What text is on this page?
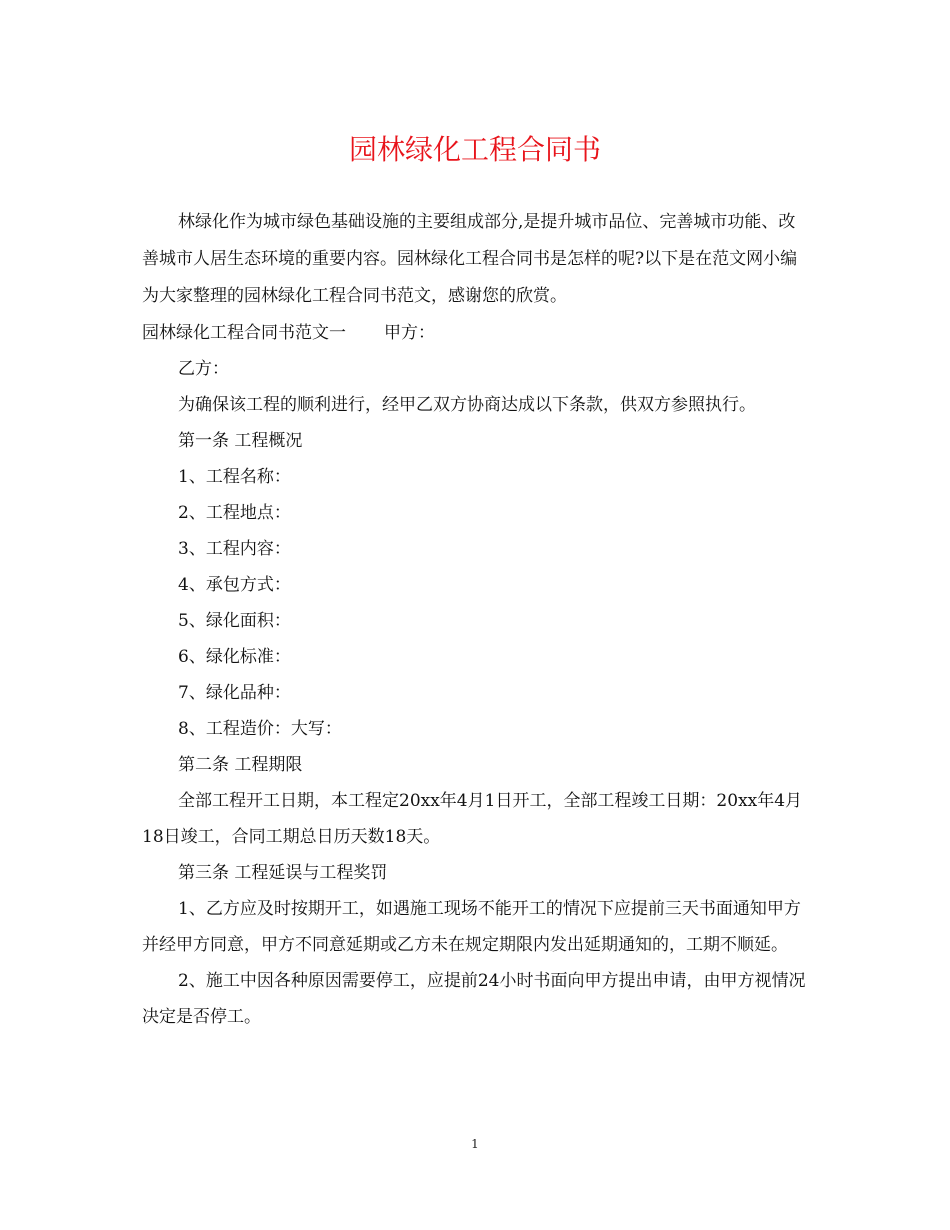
园林绿化工程合同书

林绿化作为城市绿色基础设施的主要组成部分,是提升城市品位、完善城市功能、改善城市人居生态环境的重要内容。园林绿化工程合同书是怎样的呢?以下是在范文网小编为大家整理的园林绿化工程合同书范文，感谢您的欣赏。

园林绿化工程合同书范文一 甲方：

乙方：

为确保该工程的顺利进行，经甲乙双方协商达成以下条款，供双方参照执行。

第一条 工程概况

1、工程名称：

2、工程地点：

3、工程内容：

4、承包方式：

5、绿化面积：

6、绿化标准：

7、绿化品种：

8、工程造价：大写：

第二条 工程期限

全部工程开工日期，本工程定20xx年4月1日开工，全部工程竣工日期：20xx年4月18日竣工，合同工期总日历天数18天。

第三条 工程延误与工程奖罚

1、乙方应及时按期开工，如遇施工现场不能开工的情况下应提前三天书面通知甲方并经甲方同意，甲方不同意延期或乙方未在规定期限内发出延期通知的，工期不顺延。

2、施工中因各种原因需要停工，应提前24小时书面向甲方提出申请，由甲方视情况决定是否停工。

1
